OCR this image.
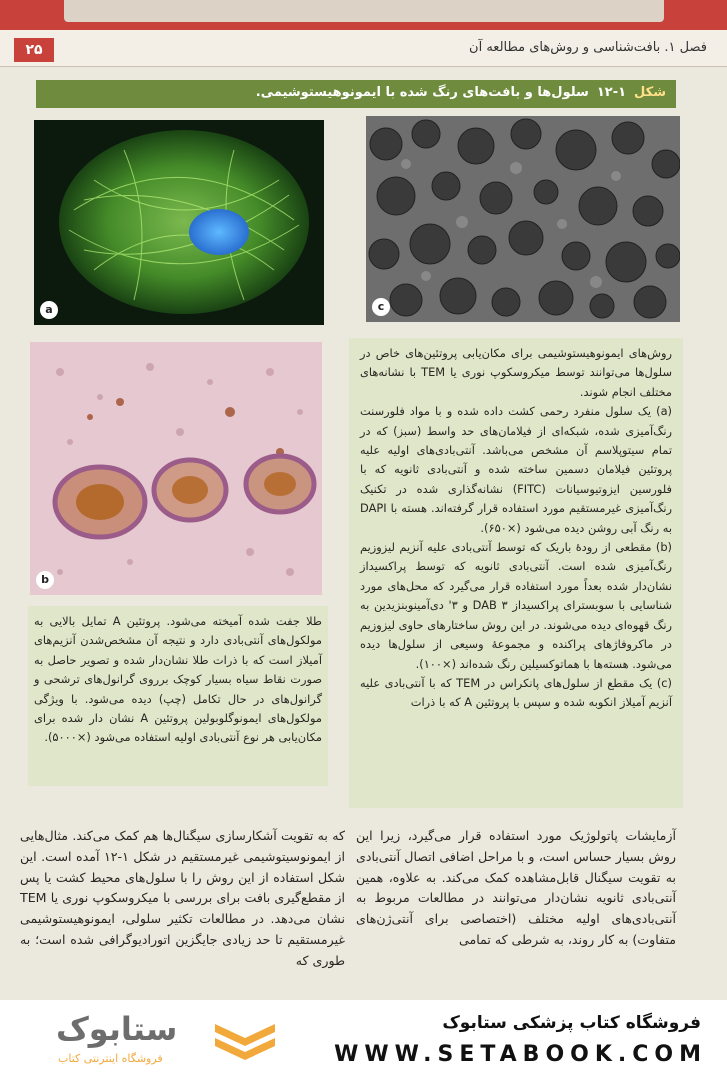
۲۵	فصل ۱. بافت‌شناسی و روش‌های مطالعه آن
شکل۱-۱۲سلول‌ها و بافت‌های رنگ شده با ایمونوهیستوشیمی.
a	c
b

روش‌های ایمونوهیستوشیمی برای مکان‌یابی پروتئین‌های خاص در سلول‌ها می‌توانند توسط میکروسکوپ نوری یا TEM با نشانه‌های مختلف انجام شوند.

(a) یک سلول منفرد رحمی کشت داده شده و با مواد فلورسنت رنگ‌آمیزی شده، شبکه‌ای از فیلامان‌های حد واسط (سبز) که در تمام سیتوپلاسم آن مشخص می‌باشد. آنتی‌بادی‌های اولیه علیه پروتئین فیلامان دسمین ساخته شده و آنتی‌بادی ثانویه که با فلورسین ایزوتیوسیانات (FITC) نشانه‌گذاری شده در تکنیک رنگ‌آمیزی غیرمستقیم مورد استفاده قرار گرفته‌اند. هسته با DAPI به رنگ آبی روشن دیده می‌شود (×۶۵۰).

(b) مقطعی از رودهٔ باریک که توسط آنتی‌بادی علیه آنزیم لیزوزیم رنگ‌آمیزی شده است. آنتی‌بادی ثانویه که توسط پراکسیداز نشان‌دار شده بعداً مورد استفاده قرار می‌گیرد که محل‌های مورد شناسایی با سوبسترای پراکسیداز DAB ۳ و ۳' دی‌آمینوبنزیدین به رنگ قهوه‌ای دیده می‌شوند. در این روش ساختارهای حاوی لیزوزیم در ماکروفاژهای پراکنده و مجموعهٔ وسیعی از سلول‌ها دیده می‌شود. هسته‌ها با هماتوکسیلین رنگ شده‌اند (×۱۰۰).

(c) یک مقطع از سلول‌های پانکراس در TEM که با آنتی‌بادی علیه آنزیم آمیلاز انکوبه شده و سپس با پروتئین A که با ذرات

طلا جفت شده آمیخته می‌شود. پروتئین A تمایل بالایی به مولکول‌های آنتی‌بادی دارد و نتیجه آن مشخص‌شدن آنزیم‌های آمیلاز است که با ذرات طلا نشان‌دار شده و تصویر حاصل به صورت نقاط سیاه بسیار کوچک برروی گرانول‌های ترشحی و گرانول‌های در حال تکامل (چپ) دیده می‌شود. با ویژگی مولکول‌های ایمونوگلوبولین پروتئین A نشان دار شده برای مکان‌یابی هر نوع آنتی‌بادی اولیه استفاده می‌شود (×۵۰۰۰).
آزمایشات پاتولوژیک مورد استفاده قرار می‌گیرد، زیرا این روش بسیار حساس است، و با مراحل اضافی اتصال آنتی‌بادی به تقویت سیگنال قابل‌مشاهده کمک می‌کند. به علاوه، همین آنتی‌بادی ثانویه نشان‌دار می‌توانند در مطالعات مربوط به آنتی‌بادی‌های اولیه مختلف (اختصاصی برای آنتی‌ژن‌های متفاوت) به کار روند، به شرطی که تمامی
که به تقویت آشکارسازی سیگنال‌ها هم کمک می‌کند. مثال‌هایی از ایمونوسیتوشیمی غیرمستقیم در شکل ۱-۱۲ آمده است. این شکل استفاده از این روش را با سلول‌های محیط کشت یا پس از مقطع‌گیری بافت برای بررسی با میکروسکوپ نوری یا TEM نشان می‌دهد. در مطالعات تکثیر سلولی، ایمونوهیستوشیمی غیرمستقیم تا حد زیادی جایگزین اتورادیوگرافی شده است؛ به طوری که
ستابوک
فروشگاه اینترنتی کتاب
فروشگاه کتاب پزشکی ستابوک
WWW.SETABOOK.COM
